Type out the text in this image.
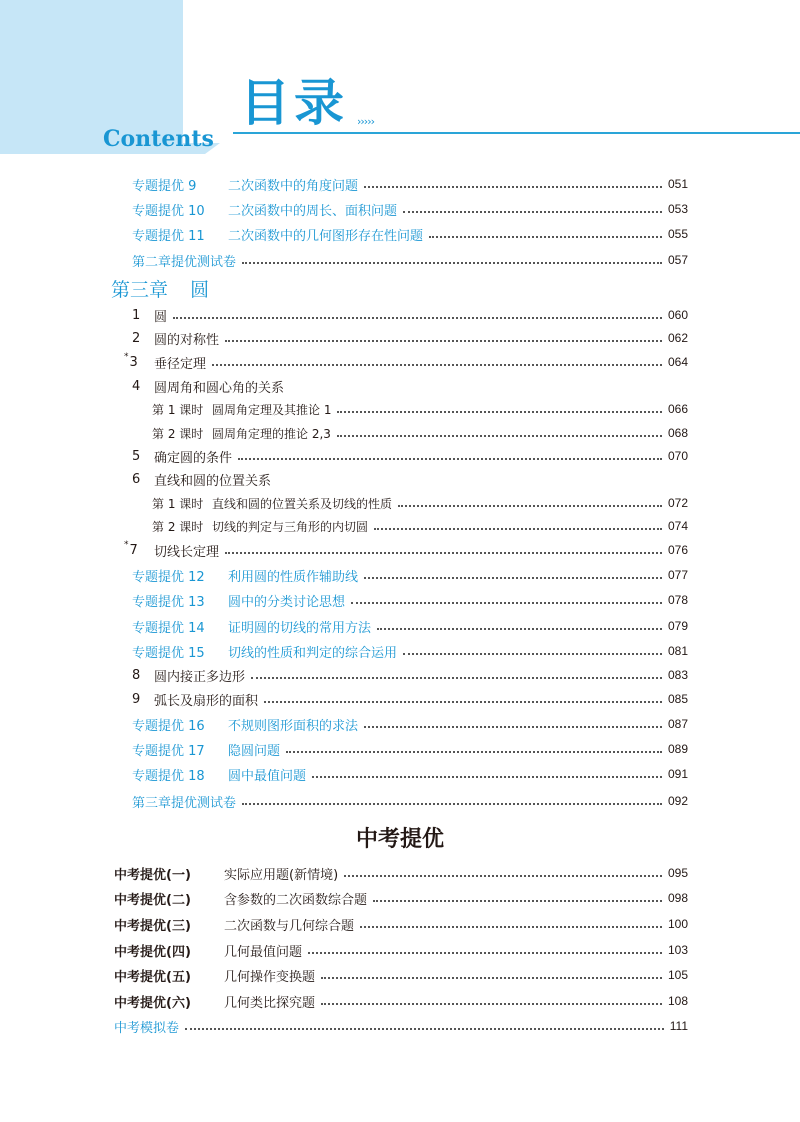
目录 ›››››
Contents
专题提优 9	二次函数中的角度问题	051
专题提优 10	二次函数中的周长、面积问题	053
专题提优 11	二次函数中的几何图形存在性问题	055
第二章提优测试卷	057
第三章 圆
1	圆	060
2	圆的对称性	062
*3	垂径定理	064
4	圆周角和圆心角的关系
第 1 课时 圆周角定理及其推论 1	066
第 2 课时 圆周角定理的推论 2,3	068
5	确定圆的条件	070
6	直线和圆的位置关系
第 1 课时 直线和圆的位置关系及切线的性质	072
第 2 课时 切线的判定与三角形的内切圆	074
*7	切线长定理	076
专题提优 12	利用圆的性质作辅助线	077
专题提优 13	圆中的分类讨论思想	078
专题提优 14	证明圆的切线的常用方法	079
专题提优 15	切线的性质和判定的综合运用	081
8	圆内接正多边形	083
9	弧长及扇形的面积	085
专题提优 16	不规则图形面积的求法	087
专题提优 17	隐圆问题	089
专题提优 18	圆中最值问题	091
第三章提优测试卷	092
中考提优
中考提优(一)	实际应用题(新情境)	095
中考提优(二)	含参数的二次函数综合题	098
中考提优(三)	二次函数与几何综合题	100
中考提优(四)	几何最值问题	103
中考提优(五)	几何操作变换题	105
中考提优(六)	几何类比探究题	108
中考模拟卷	111
